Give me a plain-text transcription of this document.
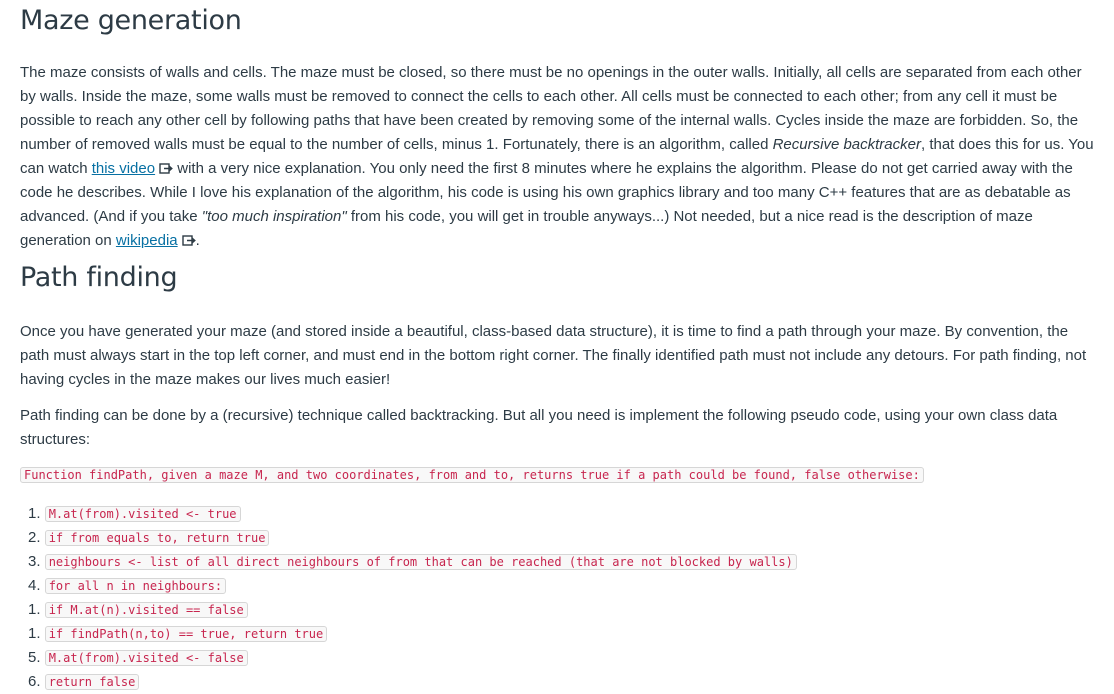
Maze generation

The maze consists of walls and cells. The maze must be closed, so there must be no openings in the outer walls. Initially, all cells are separated from each other by walls. Inside the maze, some walls must be removed to connect the cells to each other. All cells must be connected to each other; from any cell it must be possible to reach any other cell by following paths that have been created by removing some of the internal walls. Cycles inside the maze are forbidden. So, the number of removed walls must be equal to the number of cells, minus 1. Fortunately, there is an algorithm, called Recursive backtracker, that does this for us. You can watch this video with a very nice explanation. You only need the first 8 minutes where he explains the algorithm. Please do not get carried away with the code he describes. While I love his explanation of the algorithm, his code is using his own graphics library and too many C++ features that are as debatable as advanced. (And if you take "too much inspiration" from his code, you will get in trouble anyways...) Not needed, but a nice read is the description of maze generation on wikipedia .

Path finding

Once you have generated your maze (and stored inside a beautiful, class-based data structure), it is time to find a path through your maze. By convention, the path must always start in the top left corner, and must end in the bottom right corner. The finally identified path must not include any detours. For path finding, not having cycles in the maze makes our lives much easier!

Path finding can be done by a (recursive) technique called backtracking. But all you need is implement the following pseudo code, using your own class data structures:

Function findPath, given a maze M, and two coordinates, from and to, returns true if a path could be found, false otherwise:
1. M.at(from).visited <- true
2. if from equals to, return true
3. neighbours <- list of all direct neighbours of from that can be reached (that are not blocked by walls)
4. for all n in neighbours:
1. if M.at(n).visited == false
1. if findPath(n,to) == true, return true
5. M.at(from).visited <- false
6. return false
